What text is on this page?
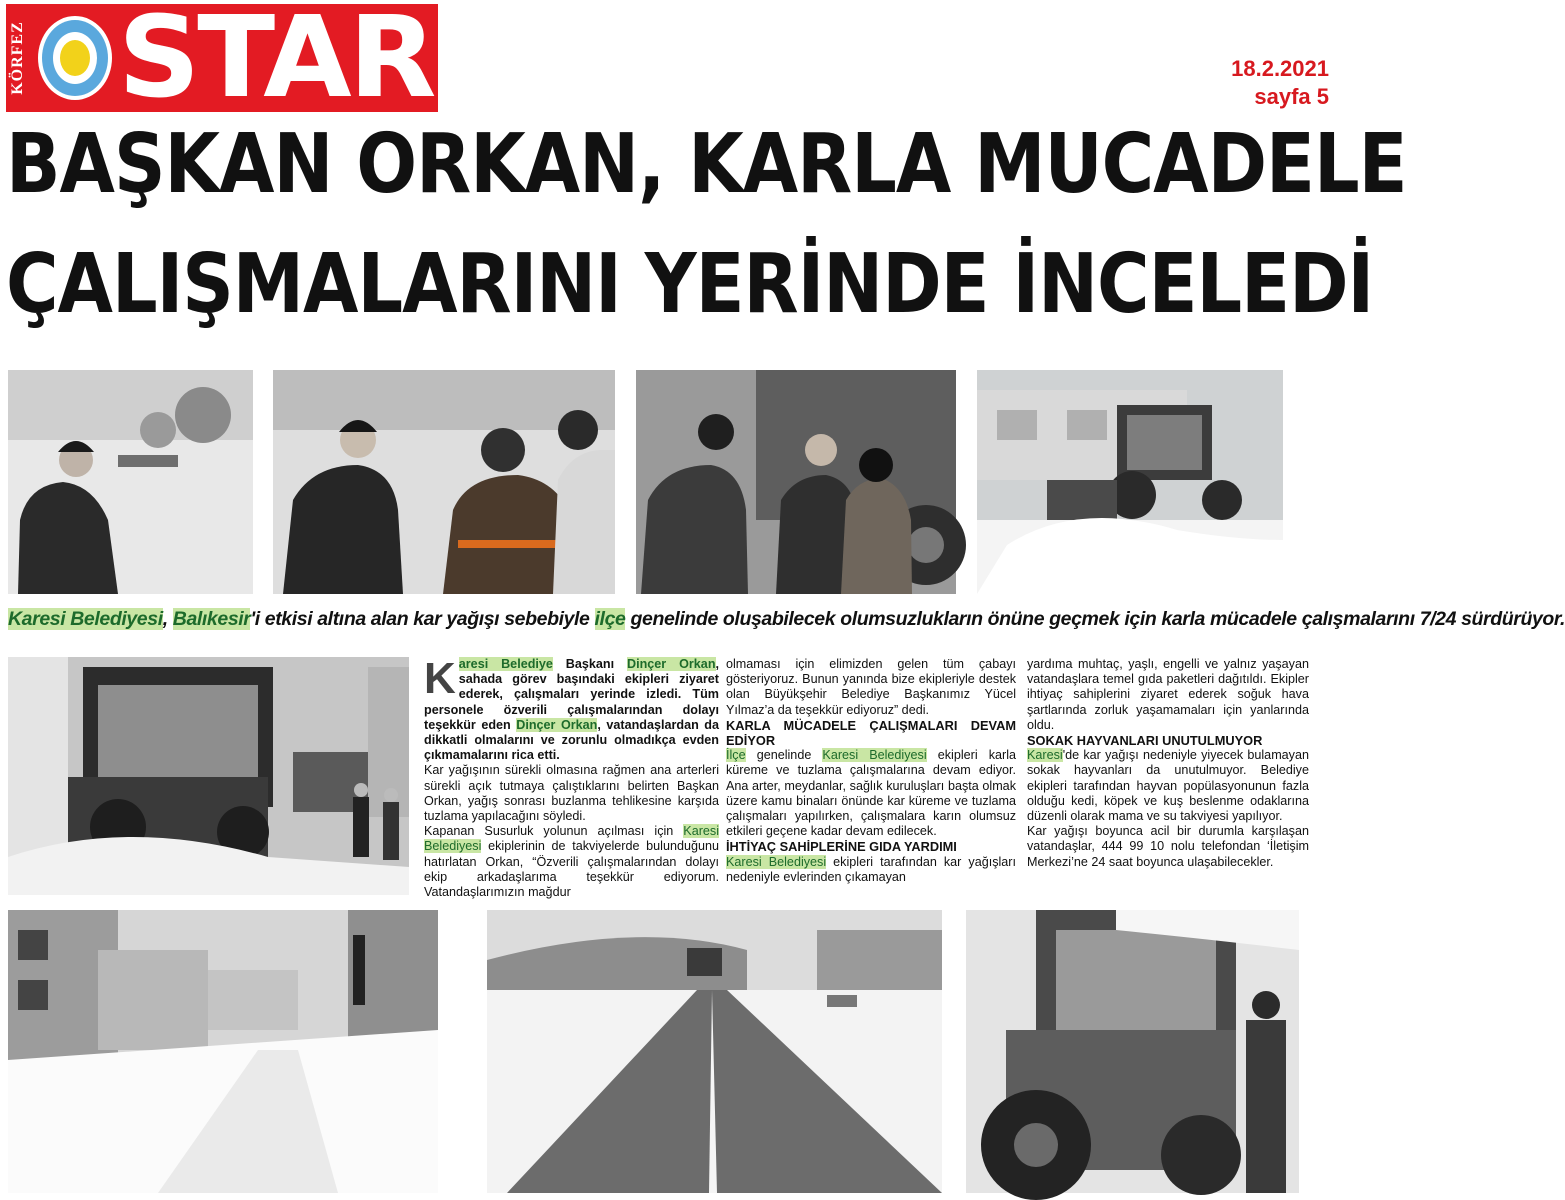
KÖRFEZ STAR	18.2.2021
sayfa 5
BAŞKAN ORKAN, KARLA MUCADELE
ÇALIŞMALARINI YERİNDE İNCELEDİ
Karesi Belediyesi, Balıkesir'i etkisi altına alan kar yağışı sebebiyle ilçe genelinde oluşabilecek olumsuzlukların önüne geçmek için karla mücadele çalışmalarını 7/24 sürdürüyor.

Karesi Belediye Başkanı Dinçer Orkan, sahada görev başındaki ekipleri ziyaret ederek, çalışmaları yerinde izledi. Tüm personele özverili çalışmalarından dolayı teşekkür eden Dinçer Orkan, vatandaşlardan da dikkatli olmalarını ve zorunlu olmadıkça evden çıkmamalarını rica etti.

Kar yağışının sürekli olmasına rağmen ana arterleri sürekli açık tutmaya çalıştıklarını belirten Başkan Orkan, yağış sonrası buzlanma tehlikesine karşıda tuzlama yapılacağını söyledi.

Kapanan Susurluk yolunun açılması için Karesi Belediyesi ekiplerinin de takviyelerde bulunduğunu hatırlatan Orkan, “Özverili çalışmalarından dolayı ekip arkadaşlarıma teşekkür ediyorum. Vatandaşlarımızın mağdur

olmaması için elimizden gelen tüm çabayı gösteriyoruz. Bunun yanında bize ekipleriyle destek olan Büyükşehir Belediye Başkanımız Yücel Yılmaz’a da teşekkür ediyoruz” dedi.

KARLA MÜCADELE ÇALIŞMALARI DEVAM EDİYOR

İlçe genelinde Karesi Belediyesi ekipleri karla küreme ve tuzlama çalışmalarına devam ediyor. Ana arter, meydanlar, sağlık kuruluşları başta olmak üzere kamu binaları önünde kar küreme ve tuzlama çalışmaları yapılırken, çalışmalara karın olumsuz etkileri geçene kadar devam edilecek.

İHTİYAÇ SAHİPLERİNE GIDA YARDIMI

Karesi Belediyesi ekipleri tarafından kar yağışları nedeniyle evlerinden çıkamayan

yardıma muhtaç, yaşlı, engelli ve yalnız yaşayan vatandaşlara temel gıda paketleri dağıtıldı. Ekipler ihtiyaç sahiplerini ziyaret ederek soğuk hava şartlarında zorluk yaşamamaları için yanlarında oldu.

SOKAK HAYVANLARI UNUTULMUYOR

Karesi'de kar yağışı nedeniyle yiyecek bulamayan sokak hayvanları da unutulmuyor. Belediye ekipleri tarafından hayvan popülasyonunun fazla olduğu kedi, köpek ve kuş beslenme odaklarına düzenli olarak mama ve su takviyesi yapılıyor.

Kar yağışı boyunca acil bir durumla karşılaşan vatandaşlar, 444 99 10 nolu telefondan ‘İletişim Merkezi’ne 24 saat boyunca ulaşabilecekler.
